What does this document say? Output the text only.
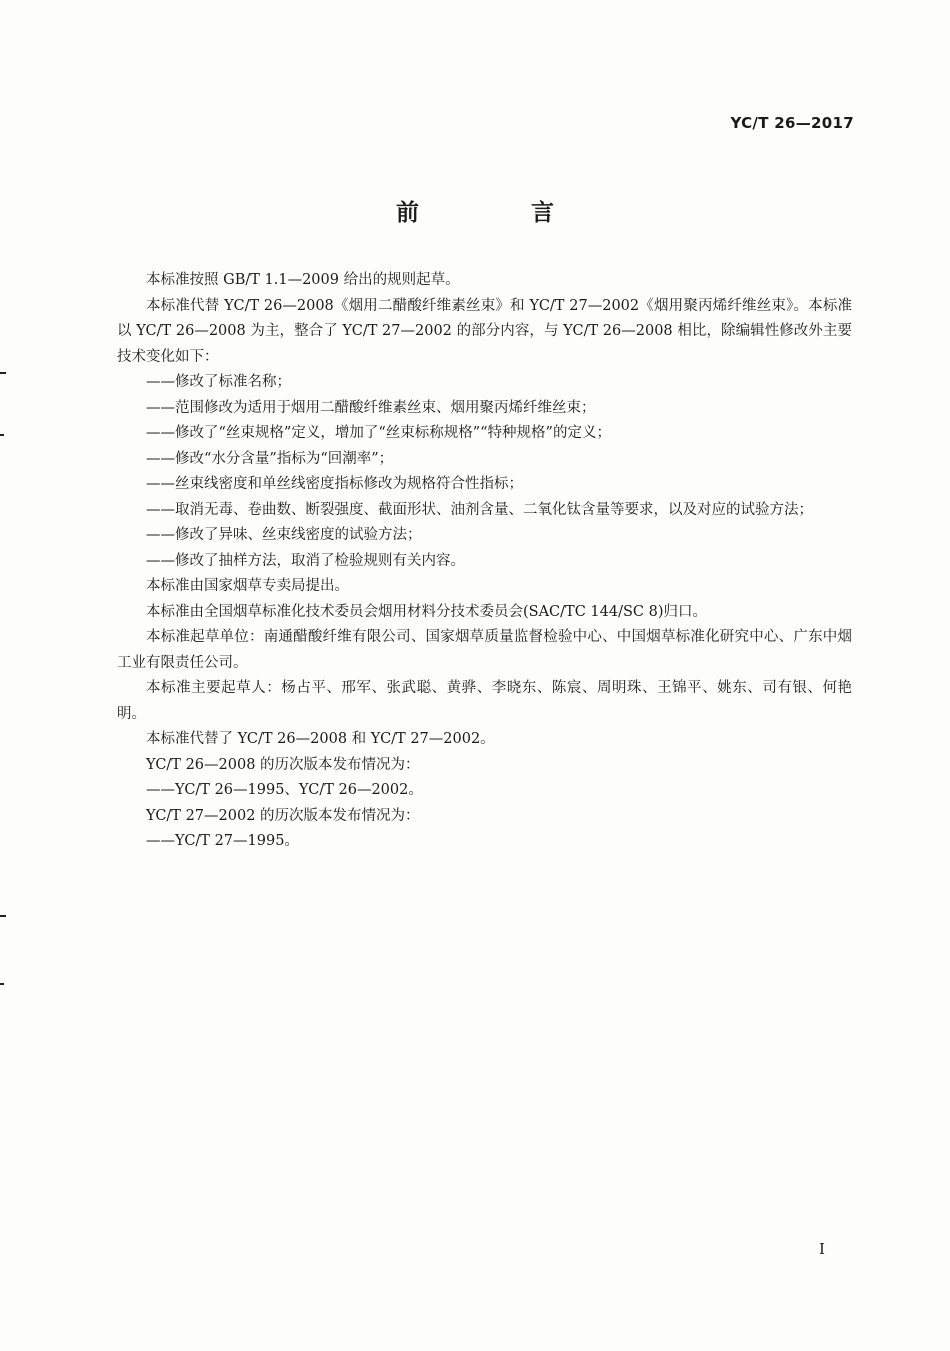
YC/T 26—2017
前 言

本标准按照 GB/T 1.1—2009 给出的规则起草。

本标准代替 YC/T 26—2008《烟用二醋酸纤维素丝束》和 YC/T 27—2002《烟用聚丙烯纤维丝束》。本标准以 YC/T 26—2008 为主，整合了 YC/T 27—2002 的部分内容，与 YC/T 26—2008 相比，除编辑性修改外主要技术变化如下：

——修改了标准名称；

——范围修改为适用于烟用二醋酸纤维素丝束、烟用聚丙烯纤维丝束；

——修改了“丝束规格”定义，增加了“丝束标称规格”“特种规格”的定义；

——修改“水分含量”指标为“回潮率”；

——丝束线密度和单丝线密度指标修改为规格符合性指标；

——取消无毒、卷曲数、断裂强度、截面形状、油剂含量、二氧化钛含量等要求，以及对应的试验方法；

——修改了异味、丝束线密度的试验方法；

——修改了抽样方法，取消了检验规则有关内容。

本标准由国家烟草专卖局提出。

本标准由全国烟草标准化技术委员会烟用材料分技术委员会(SAC/TC 144/SC 8)归口。

本标准起草单位：南通醋酸纤维有限公司、国家烟草质量监督检验中心、中国烟草标准化研究中心、广东中烟工业有限责任公司。

本标准主要起草人：杨占平、邢军、张武聪、黄骅、李晓东、陈宸、周明珠、王锦平、姚东、司有银、何艳明。

本标准代替了 YC/T 26—2008 和 YC/T 27—2002。

YC/T 26—2008 的历次版本发布情况为：

——YC/T 26—1995、YC/T 26—2002。

YC/T 27—2002 的历次版本发布情况为：

——YC/T 27—1995。

I
